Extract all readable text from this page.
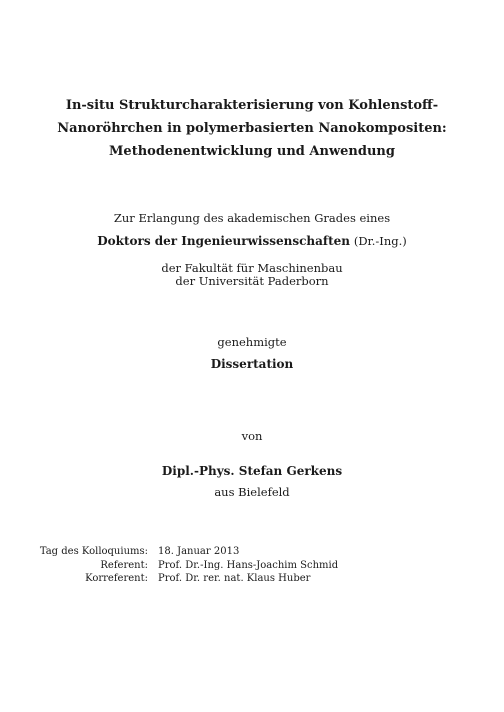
In-situ Strukturcharakterisierung von Kohlenstoff-
Nanoröhrchen in polymerbasierten Nanokompositen:
Methodenentwicklung und Anwendung
Zur Erlangung des akademischen Grades eines
Doktors der Ingenieurwissenschaften (Dr.-Ing.)
der Fakultät für Maschinenbau
der Universität Paderborn
genehmigte
Dissertation
von
Dipl.-Phys. Stefan Gerkens
aus Bielefeld
Tag des Kolloquiums:	18. Januar 2013
Referent:	Prof. Dr.-Ing. Hans-Joachim Schmid
Korreferent:	Prof. Dr. rer. nat. Klaus Huber
